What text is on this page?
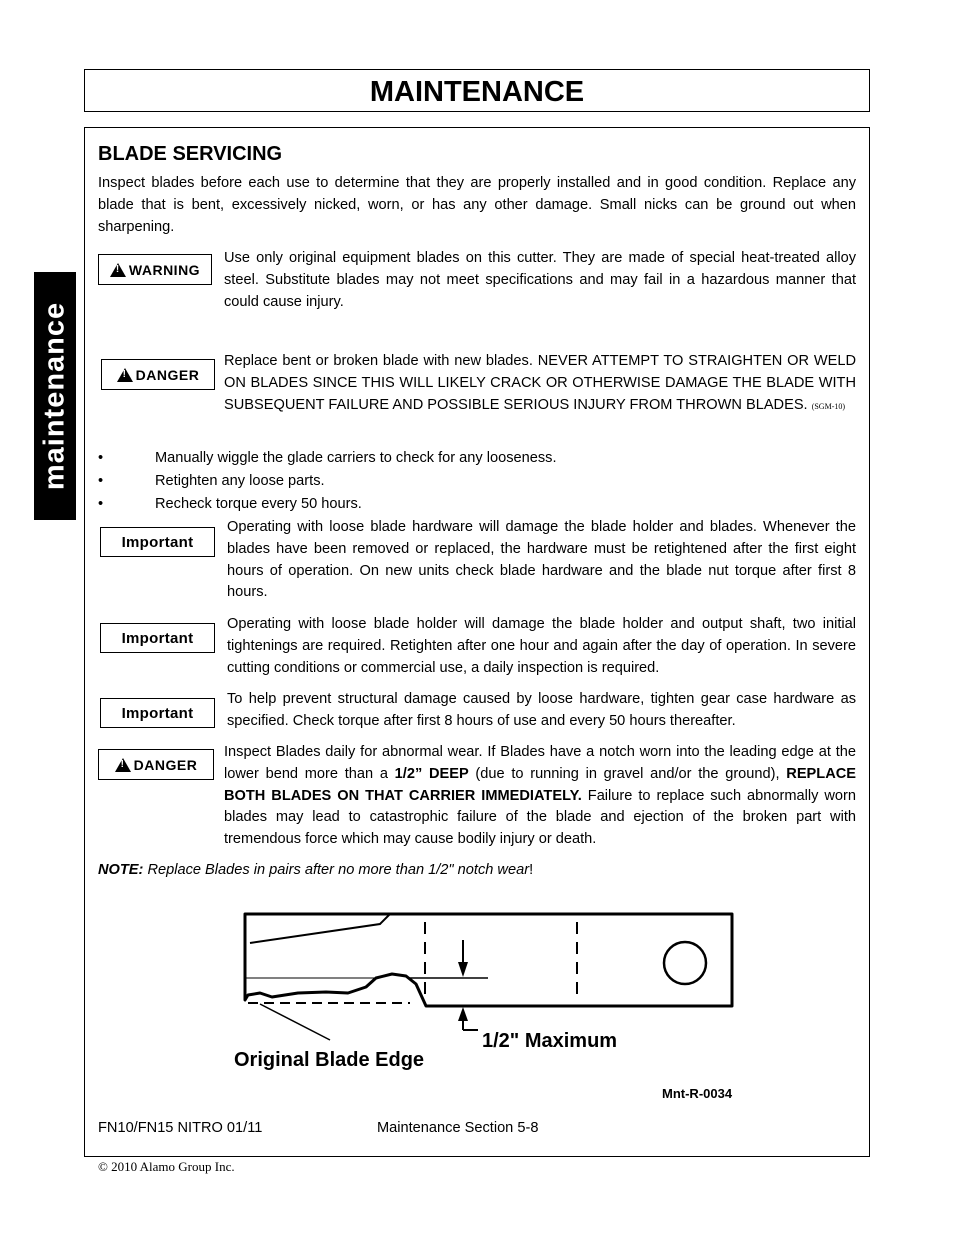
MAINTENANCE
maintenance
BLADE SERVICING
Inspect blades before each use to determine that they are properly installed and in good condition. Replace any blade that is bent, excessively nicked, worn, or has any other damage. Small nicks can be ground out when sharpening.
!
WARNING
Use only original equipment blades on this cutter. They are made of special heat-treated alloy steel. Substitute blades may not meet specifications and may fail in a hazardous manner that could cause injury.
!
DANGER
Replace bent or broken blade with new blades. NEVER ATTEMPT TO STRAIGHTEN OR WELD ON BLADES SINCE THIS WILL LIKELY CRACK OR OTHERWISE DAMAGE THE BLADE WITH SUBSEQUENT FAILURE AND POSSIBLE SERIOUS INJURY FROM THROWN BLADES. (SGM-10)
•	Manually wiggle the glade carriers to check for any looseness.
•	Retighten any loose parts.
•	Recheck torque every 50 hours.
Important
Operating with loose blade hardware will damage the blade holder and blades. Whenever the blades have been removed or replaced, the hardware must be retightened after the first eight hours of operation. On new units check blade hardware and the blade nut torque after first 8 hours.
Important
Operating with loose blade holder will damage the blade holder and output shaft, two initial tightenings are required. Retighten after one hour and again after the day of operation. In severe cutting conditions or commercial use, a daily inspection is required.
Important
To help prevent structural damage caused by loose hardware, tighten gear case hardware as specified. Check torque after first 8 hours of use and every 50 hours thereafter.
!
DANGER
Inspect Blades daily for abnormal wear. If Blades have a notch worn into the leading edge at the lower bend more than a 1/2” DEEP (due to running in gravel and/or the ground), REPLACE BOTH BLADES ON THAT CARRIER IMMEDIATELY. Failure to replace such abnormally worn blades may lead to catastrophic failure of the blade and ejection of the broken part with tremendous force which may cause bodily injury or death.
NOTE: Replace Blades in pairs after no more than 1/2" notch wear!
1/2" Maximum
Original Blade Edge
Mnt-R-0034
FN10/FN15 NITRO 01/11	Maintenance Section 5-8
© 2010 Alamo Group Inc.
